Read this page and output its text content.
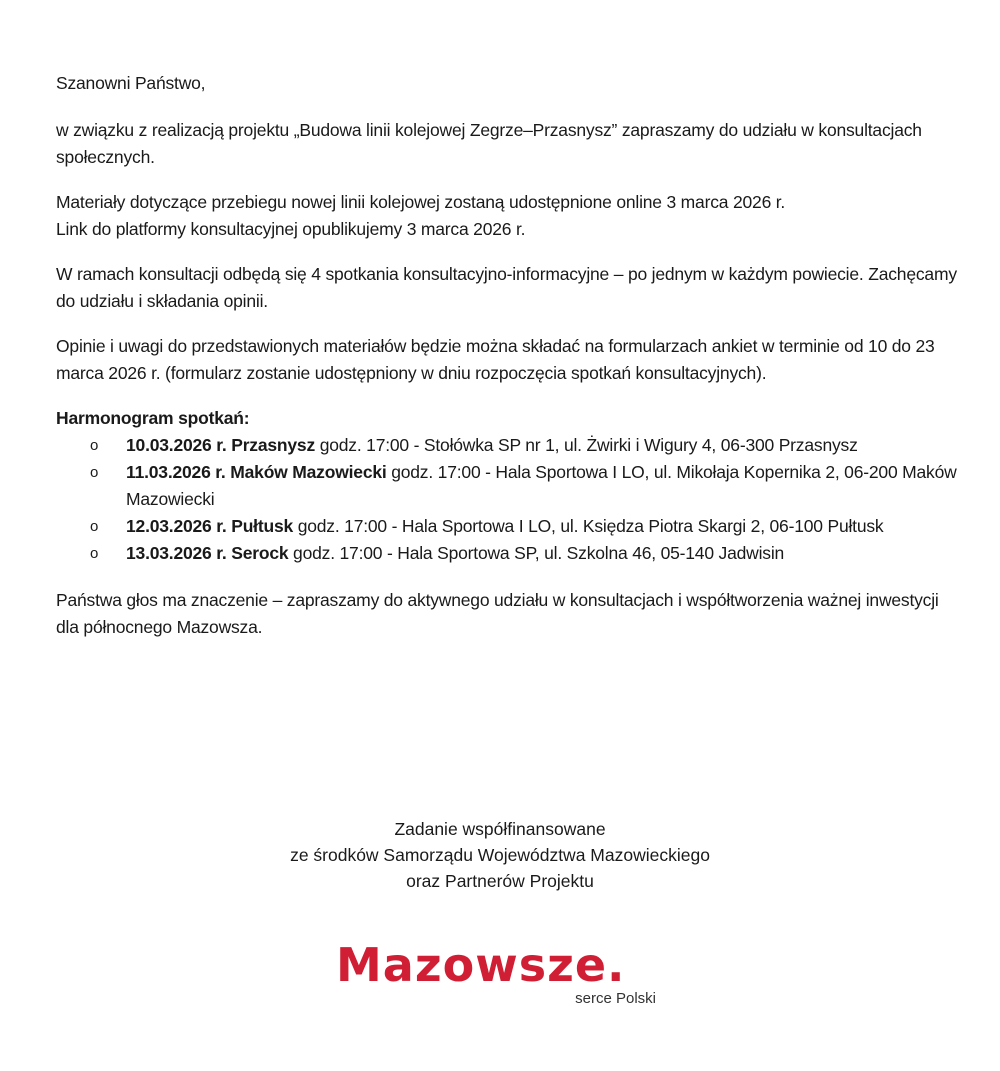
Szanowni Państwo,

w związku z realizacją projektu „Budowa linii kolejowej Zegrze–Przasnysz” zapraszamy do udziału w konsultacjach społecznych.

Materiały dotyczące przebiegu nowej linii kolejowej zostaną udostępnione online 3 marca 2026 r.
Link do platformy konsultacyjnej opublikujemy 3 marca 2026 r.

W ramach konsultacji odbędą się 4 spotkania konsultacyjno-informacyjne – po jednym w każdym powiecie. Zachęcamy do udziału i składania opinii.

Opinie i uwagi do przedstawionych materiałów będzie można składać na formularzach ankiet w terminie od 10 do 23 marca 2026 r. (formularz zostanie udostępniony w dniu rozpoczęcia spotkań konsultacyjnych).

Harmonogram spotkań:

o 10.03.2026 r. Przasnysz godz. 17:00 - Stołówka SP nr 1, ul. Żwirki i Wigury 4, 06-300 Przasnysz
o 11.03.2026 r. Maków Mazowiecki godz. 17:00 - Hala Sportowa I LO, ul. Mikołaja Kopernika 2, 06-200 Maków Mazowiecki
o 12.03.2026 r. Pułtusk godz. 17:00 - Hala Sportowa I LO, ul. Księdza Piotra Skargi 2, 06-100 Pułtusk
o 13.03.2026 r. Serock godz. 17:00 - Hala Sportowa SP, ul. Szkolna 46, 05-140 Jadwisin

Państwa głos ma znaczenie – zapraszamy do aktywnego udziału w konsultacjach i współtworzenia ważnej inwestycji dla północnego Mazowsza.

Zadanie współfinansowane
ze środków Samorządu Województwa Mazowieckiego
oraz Partnerów Projektu
Mazowsze.
serce Polski
